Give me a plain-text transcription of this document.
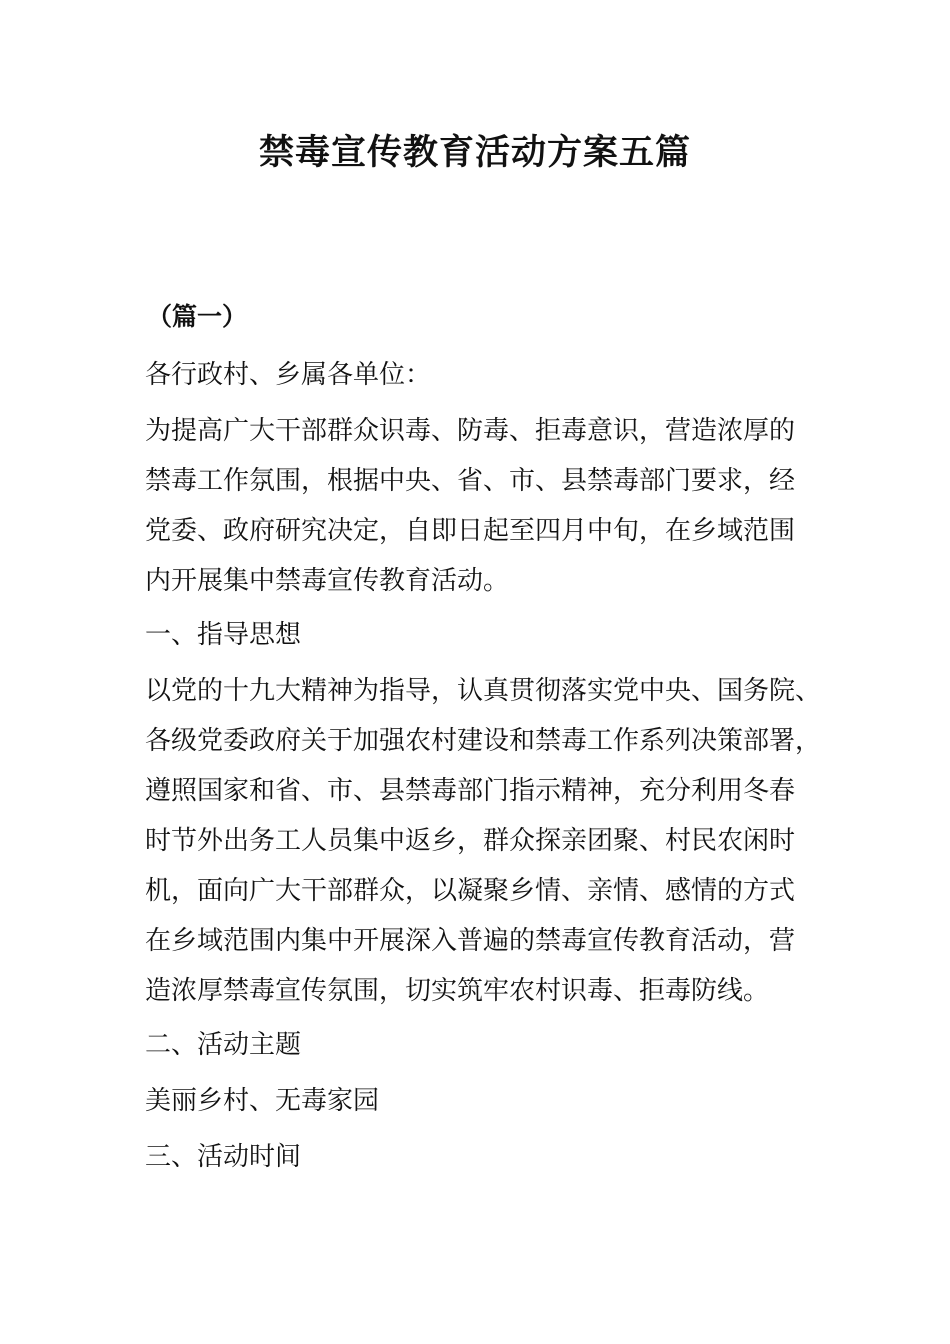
禁毒宣传教育活动方案五篇
（篇一）
各行政村、乡属各单位：
为提高广大干部群众识毒、防毒、拒毒意识，营造浓厚的
禁毒工作氛围，根据中央、省、市、县禁毒部门要求，经
党委、政府研究决定，自即日起至四月中旬，在乡域范围
内开展集中禁毒宣传教育活动。
一、指导思想
以党的十九大精神为指导，认真贯彻落实党中央、国务院、
各级党委政府关于加强农村建设和禁毒工作系列决策部署，
遵照国家和省、市、县禁毒部门指示精神，充分利用冬春
时节外出务工人员集中返乡，群众探亲团聚、村民农闲时
机，面向广大干部群众，以凝聚乡情、亲情、感情的方式
在乡域范围内集中开展深入普遍的禁毒宣传教育活动，营
造浓厚禁毒宣传氛围，切实筑牢农村识毒、拒毒防线。
二、活动主题
美丽乡村、无毒家园
三、活动时间
